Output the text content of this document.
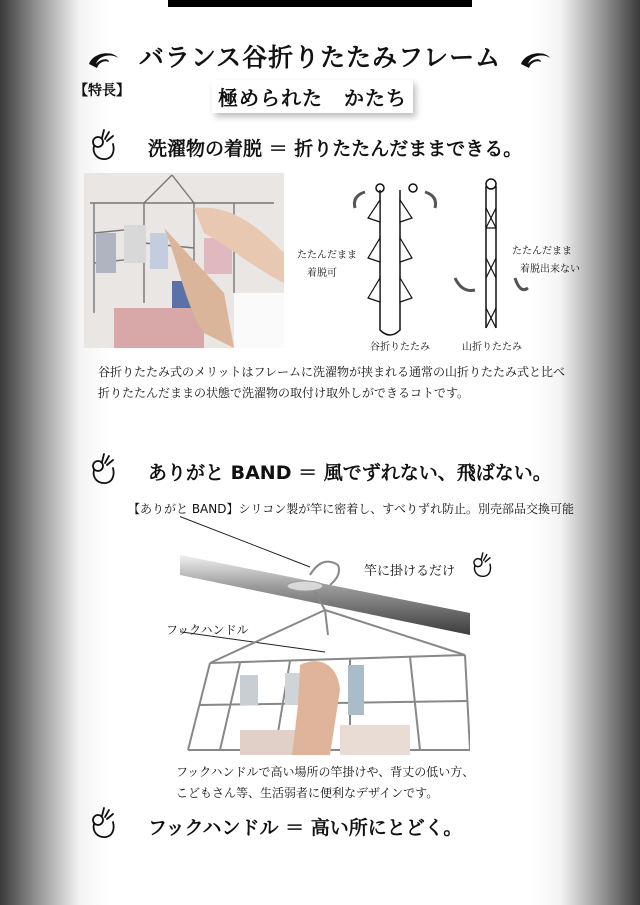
バランス谷折りたたみフレーム
【特長】	極められた　かたち
洗濯物の着脱 ＝ 折りたたんだままできる。
たたんだまま
着脱可
たたんだまま
着脱出来ない
谷折りたたみ	山折りたたみ
谷折りたたみ式のメリットはフレームに洗濯物が挟まれる通常の山折りたたみ式と比べ
折りたたんだままの状態で洗濯物の取付け取外しができるコトです。
ありがと BAND ＝ 風でずれない、飛ばない。
【ありがと BAND】シリコン製が竿に密着し、すべりずれ防止。別売部品交換可能
竿に掛けるだけ
フックハンドル
フックハンドルで高い場所の竿掛けや、背丈の低い方、
こどもさん等、生活弱者に便利なデザインです。
フックハンドル ＝ 高い所にとどく。
